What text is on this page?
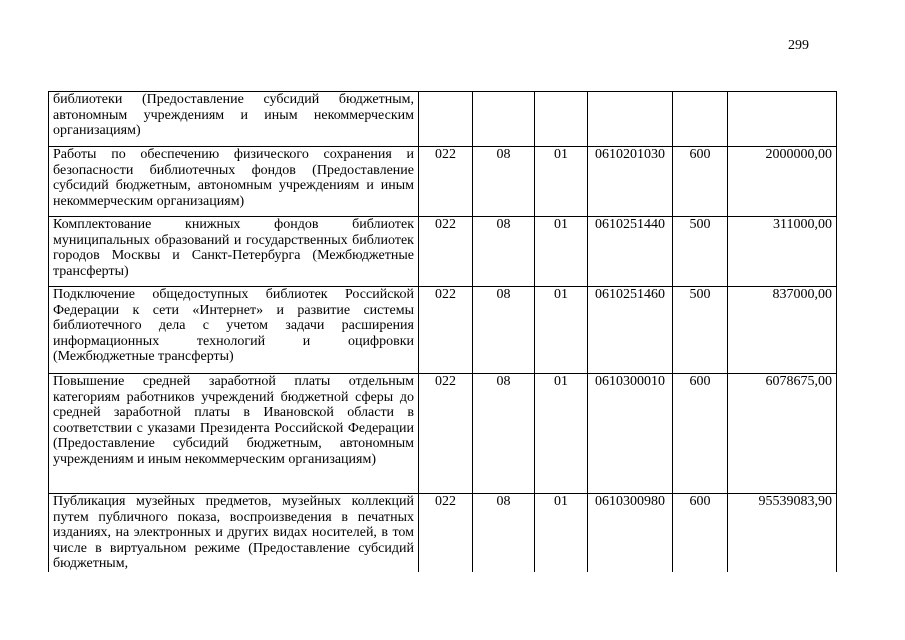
299
библиотеки (Предоставление субсидий бюджетным, автономным учреждениям и иным некоммерческим организациям)						
Работы по обеспечению физического сохранения и безопасности библиотечных фондов (Предоставление субсидий бюджетным, автономным учреждениям и иным некоммерческим организациям)	022	08	01	0610201030	600	2000000,00
Комплектование книжных фондов библиотек муниципальных образований и государственных библиотек городов Москвы и Санкт-Петербурга (Межбюджетные трансферты)	022	08	01	0610251440	500	311000,00
Подключение общедоступных библиотек Российской Федерации к сети «Интернет» и развитие системы библиотечного дела с учетом задачи расширения информационных технологий и оцифровки (Межбюджетные трансферты)	022	08	01	0610251460	500	837000,00
Повышение средней заработной платы отдельным категориям работников учреждений бюджетной сферы до средней заработной платы в Ивановской области в соответствии с указами Президента Российской Федерации (Предоставление субсидий бюджетным, автономным учреждениям и иным некоммерческим организациям)	022	08	01	0610300010	600	6078675,00

Публикация музейных предметов, музейных коллекций путем публичного показа, воспроизведения в печатных изданиях, на электронных и других видах носителей, в том числе в виртуальном режиме (Предоставление субсидий бюджетным,	022	08	01	0610300980	600	95539083,90
